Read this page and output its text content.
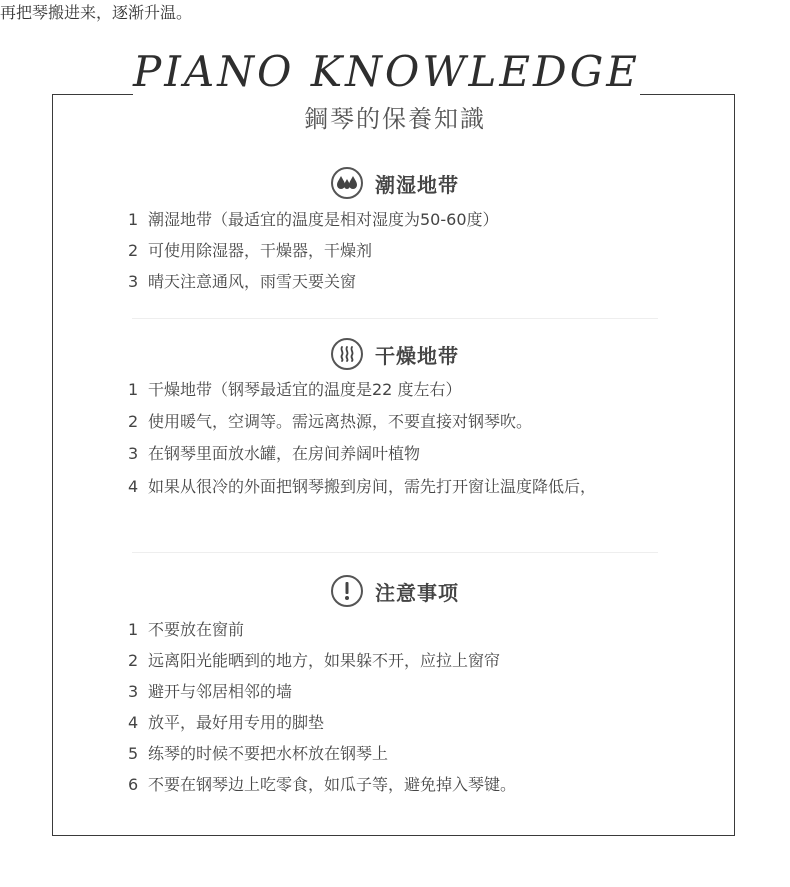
PIANO KNOWLEDGE
鋼琴的保養知識
潮湿地带
1 潮湿地带（最适宜的温度是相对湿度为50-60度）
2 可使用除湿器，干燥器，干燥剂
3 晴天注意通风，雨雪天要关窗
干燥地带
1 干燥地带（钢琴最适宜的温度是22 度左右）
2 使用暖气，空调等。需远离热源，不要直接对钢琴吹。
3 在钢琴里面放水罐，在房间养阔叶植物
4 如果从很冷的外面把钢琴搬到房间，需先打开窗让温度降低后，
再把琴搬进来，逐渐升温。
注意事项
1 不要放在窗前
2 远离阳光能晒到的地方，如果躲不开，应拉上窗帘
3 避开与邻居相邻的墙
4 放平，最好用专用的脚垫
5 练琴的时候不要把水杯放在钢琴上
6 不要在钢琴边上吃零食，如瓜子等，避免掉入琴键。
